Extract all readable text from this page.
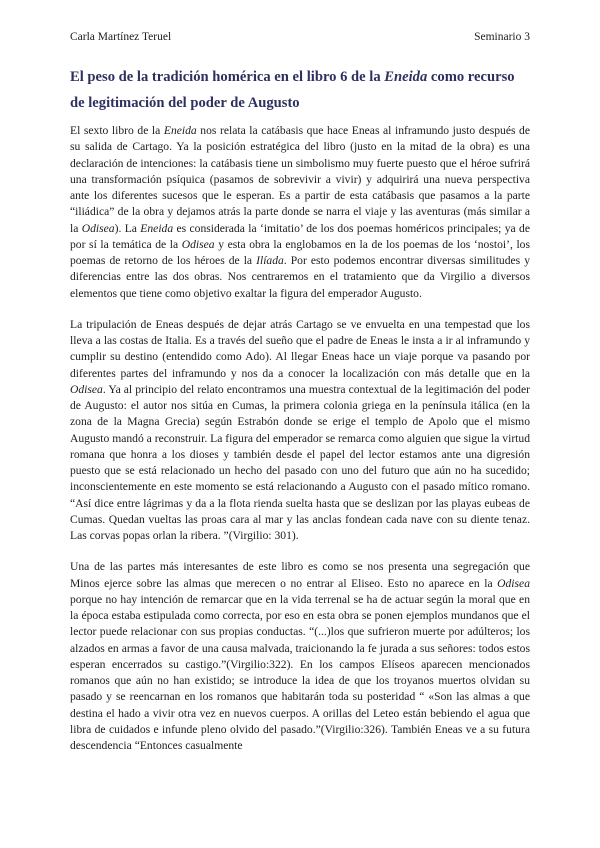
Carla Martínez Teruel	Seminario 3
El peso de la tradición homérica en el libro 6 de la Eneida como recurso de legitimación del poder de Augusto

El sexto libro de la Eneida nos relata la catábasis que hace Eneas al inframundo justo después de su salida de Cartago. Ya la posición estratégica del libro (justo en la mitad de la obra) es una declaración de intenciones: la catábasis tiene un simbolismo muy fuerte puesto que el héroe sufrirá una transformación psíquica (pasamos de sobrevivir a vivir) y adquirirá una nueva perspectiva ante los diferentes sucesos que le esperan. Es a partir de esta catábasis que pasamos a la parte “iliádica” de la obra y dejamos atrás la parte donde se narra el viaje y las aventuras (más similar a la Odisea). La Eneida es considerada la ‘imitatio’ de los dos poemas homéricos principales; ya de por sí la temática de la Odisea y esta obra la englobamos en la de los poemas de los ‘nostoi’, los poemas de retorno de los héroes de la Ilíada. Por esto podemos encontrar diversas similitudes y diferencias entre las dos obras. Nos centraremos en el tratamiento que da Virgilio a diversos elementos que tiene como objetivo exaltar la figura del emperador Augusto.

La tripulación de Eneas después de dejar atrás Cartago se ve envuelta en una tempestad que los lleva a las costas de Italia. Es a través del sueño que el padre de Eneas le insta a ir al inframundo y cumplir su destino (entendido como Ado). Al llegar Eneas hace un viaje porque va pasando por diferentes partes del inframundo y nos da a conocer la localización con más detalle que en la Odisea. Ya al principio del relato encontramos una muestra contextual de la legitimación del poder de Augusto: el autor nos sitúa en Cumas, la primera colonia griega en la península itálica (en la zona de la Magna Grecia) según Estrabón donde se erige el templo de Apolo que el mismo Augusto mandó a reconstruir. La figura del emperador se remarca como alguien que sigue la virtud romana que honra a los dioses y también desde el papel del lector estamos ante una digresión puesto que se está relacionado un hecho del pasado con uno del futuro que aún no ha sucedido; inconscientemente en este momento se está relacionando a Augusto con el pasado mítico romano. “Así dice entre lágrimas y da a la flota rienda suelta hasta que se deslizan por las playas eubeas de Cumas. Quedan vueltas las proas cara al mar y las anclas fondean cada nave con su diente tenaz. Las corvas popas orlan la ribera. ”(Virgilio: 301).

Una de las partes más interesantes de este libro es como se nos presenta una segregación que Minos ejerce sobre las almas que merecen o no entrar al Eliseo. Esto no aparece en la Odisea porque no hay intención de remarcar que en la vida terrenal se ha de actuar según la moral que en la época estaba estipulada como correcta, por eso en esta obra se ponen ejemplos mundanos que el lector puede relacionar con sus propias conductas. “(...)los que sufrieron muerte por adúlteros; los alzados en armas a favor de una causa malvada, traicionando la fe jurada a sus señores: todos estos esperan encerrados su castigo.”(Virgilio:322). En los campos Elíseos aparecen mencionados romanos que aún no han existido; se introduce la idea de que los troyanos muertos olvidan su pasado y se reencarnan en los romanos que habitarán toda su posteridad “ «Son las almas a que destina el hado a vivir otra vez en nuevos cuerpos. A orillas del Leteo están bebiendo el agua que libra de cuidados e infunde pleno olvido del pasado.”(Virgilio:326). También Eneas ve a su futura descendencia “Entonces casualmente
